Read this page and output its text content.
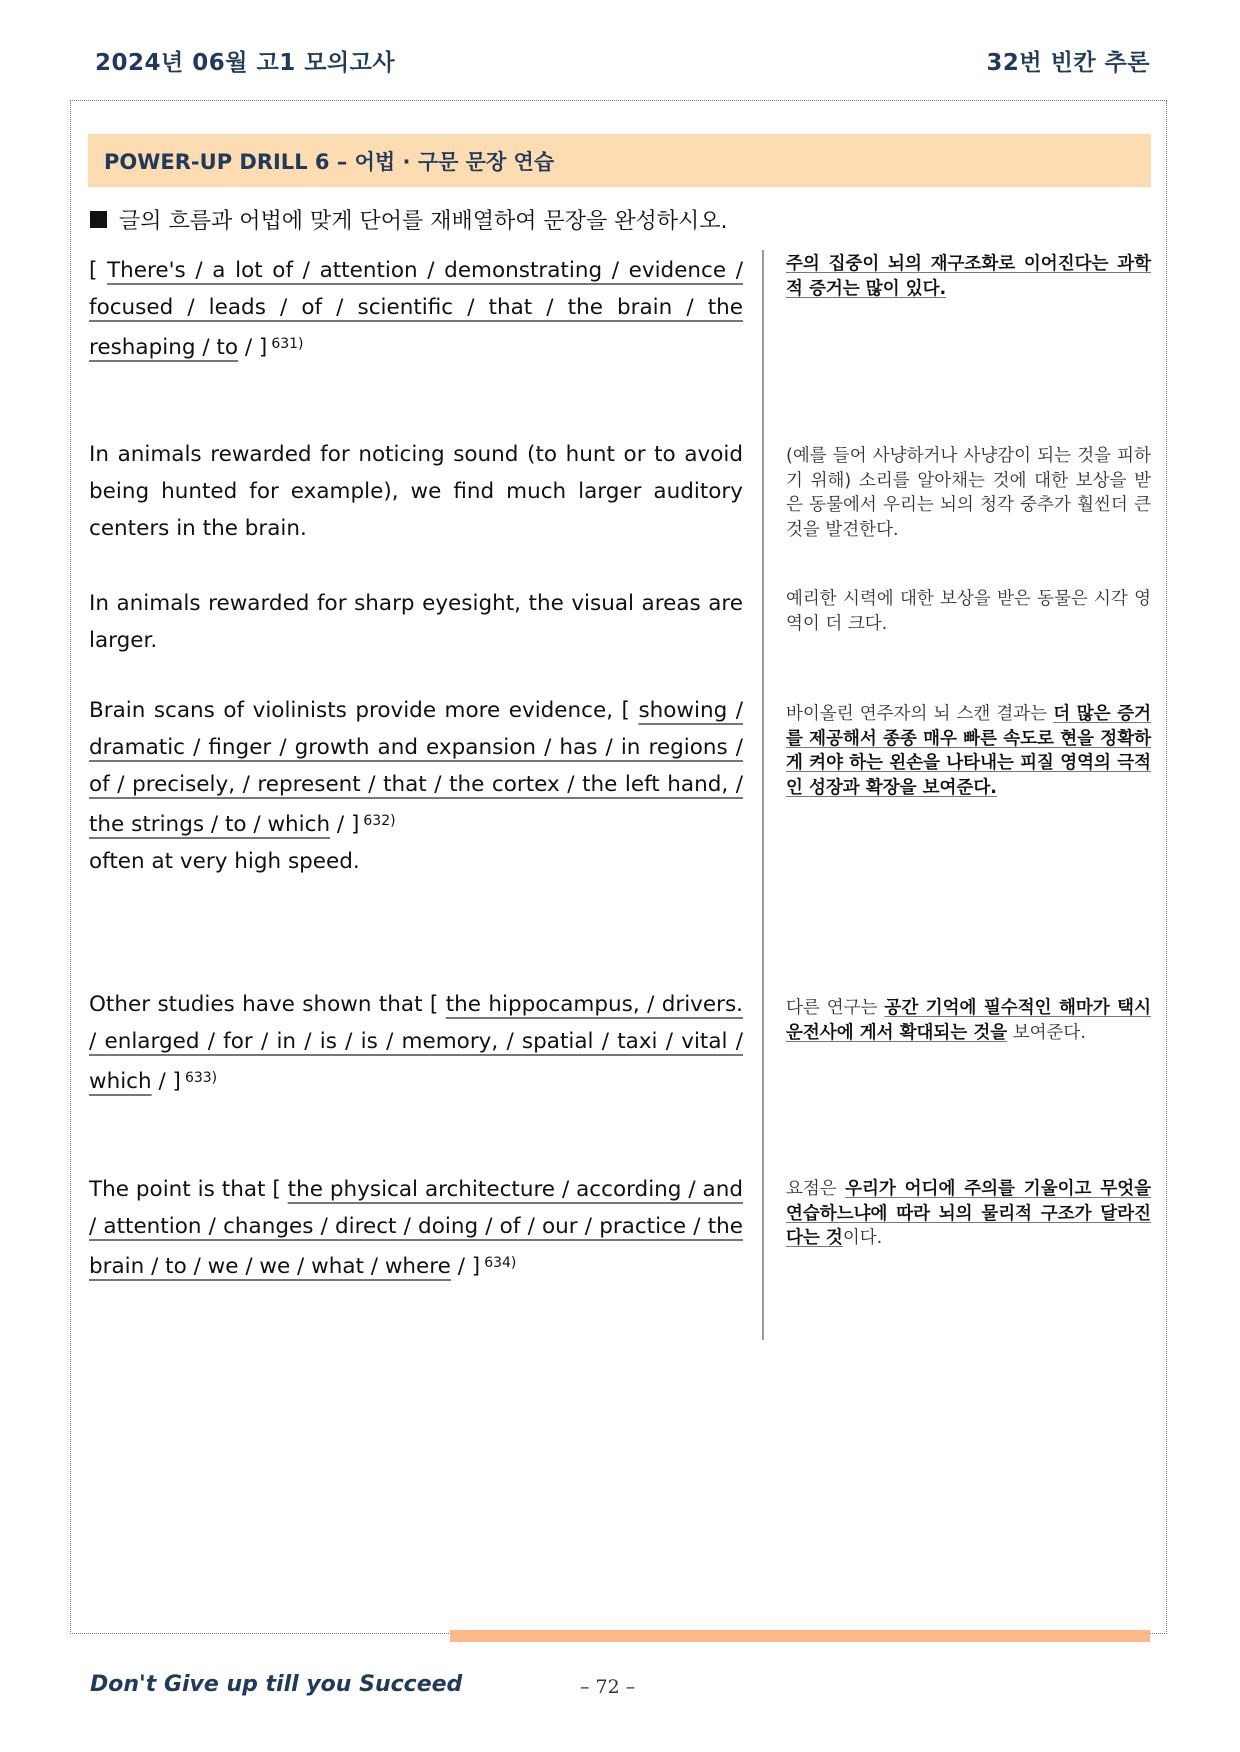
2024년 06월 고1 모의고사	32번 빈칸 추론
POWER-UP DRILL 6 – 어법 · 구문 문장 연습
글의 흐름과 어법에 맞게 단어를 재배열하여 문장을 완성하시오.
[ There's / a lot of / attention / demonstrating / evidence / focused / leads / of / scientific / that / the brain / the reshaping / to / ] $^{631)}$
주의 집중이 뇌의 재구조화로 이어진다는 과학적 증거는 많이 있다.
In animals rewarded for noticing sound (to hunt or to avoid being hunted for example), we find much larger auditory centers in the brain.
(예를 들어 사냥하거나 사냥감이 되는 것을 피하기 위해) 소리를 알아채는 것에 대한 보상을 받은 동물에서 우리는 뇌의 청각 중추가 훨씬더 큰 것을 발견한다.
In animals rewarded for sharp eyesight, the visual areas are larger.
예리한 시력에 대한 보상을 받은 동물은 시각 영역이 더 크다.
Brain scans of violinists provide more evidence, [ showing / dramatic / finger / growth and expansion / has / in regions / of / precisely, / represent / that / the cortex / the left hand, / the strings / to / which / ] $^{632)}$
often at very high speed.
바이올린 연주자의 뇌 스캔 결과는 더 많은 증거를 제공해서 종종 매우 빠른 속도로 현을 정확하게 켜야 하는 왼손을 나타내는 피질 영역의 극적인 성장과 확장을 보여준다.
Other studies have shown that [ the hippocampus, / drivers. / enlarged / for / in / is / is / memory, / spatial / taxi / vital / which / ] $^{633)}$
다른 연구는 공간 기억에 필수적인 해마가 택시 운전사에 게서 확대되는 것을 보여준다.
The point is that [ the physical architecture / according / and / attention / changes / direct / doing / of / our / practice / the brain / to / we / we / what / where / ] $^{634)}$
요점은 우리가 어디에 주의를 기울이고 무엇을 연습하느냐에 따라 뇌의 물리적 구조가 달라진다는 것이다.
Don't Give up till you Succeed	– 72 –
